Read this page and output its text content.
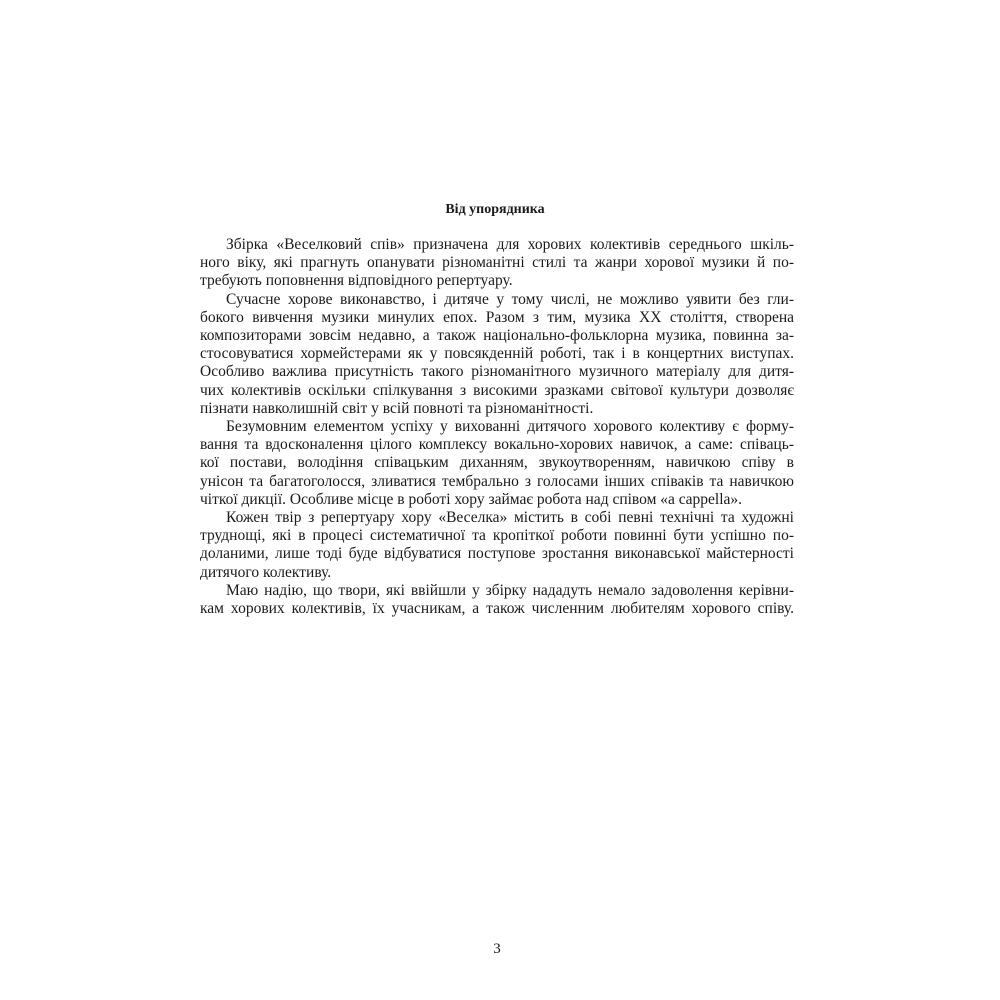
Від упорядника

Збірка «Веселковий спів» призначена для хорових колективів середнього шкіль-
ного віку, які прагнуть опанувати різноманітні стилі та жанри хорової музики й по-
требують поповнення відповідного репертуару.

Сучасне хорове виконавство, і дитяче у тому числі, не можливо уявити без гли-
бокого вивчення музики минулих епох. Разом з тим, музика XX століття, створена
композиторами зовсім недавно, а також національно-фольклорна музика, повинна за-
стосовуватися хормейстерами як у повсякденній роботі, так і в концертних виступах.
Особливо важлива присутність такого різноманітного музичного матеріалу для дитя-
чих колективів оскільки спілкування з високими зразками світової культури дозволяє
пізнати навколишній світ у всій повноті та різноманітності.

Безумовним елементом успіху у вихованні дитячого хорового колективу є форму-
вання та вдосконалення цілого комплексу вокально-хорових навичок, а саме: співаць-
кої постави, володіння співацьким диханням, звукоутворенням, навичкою співу в
унісон та багатоголосся, зливатися тембрально з голосами інших співаків та навичкою
чіткої дикції. Особливе місце в роботі хору займає робота над співом «а cappella».

Кожен твір з репертуару хору «Веселка» містить в собі певні технічні та художні
труднощі, які в процесі систематичної та кропіткої роботи повинні бути успішно по-
доланими, лише тоді буде відбуватися поступове зростання виконавської майстерності
дитячого колективу.

Маю надію, що твори, які ввійшли у збірку нададуть немало задоволення керівни-
кам хорових колективів, їх учасникам, а також численним любителям хорового співу.

3
